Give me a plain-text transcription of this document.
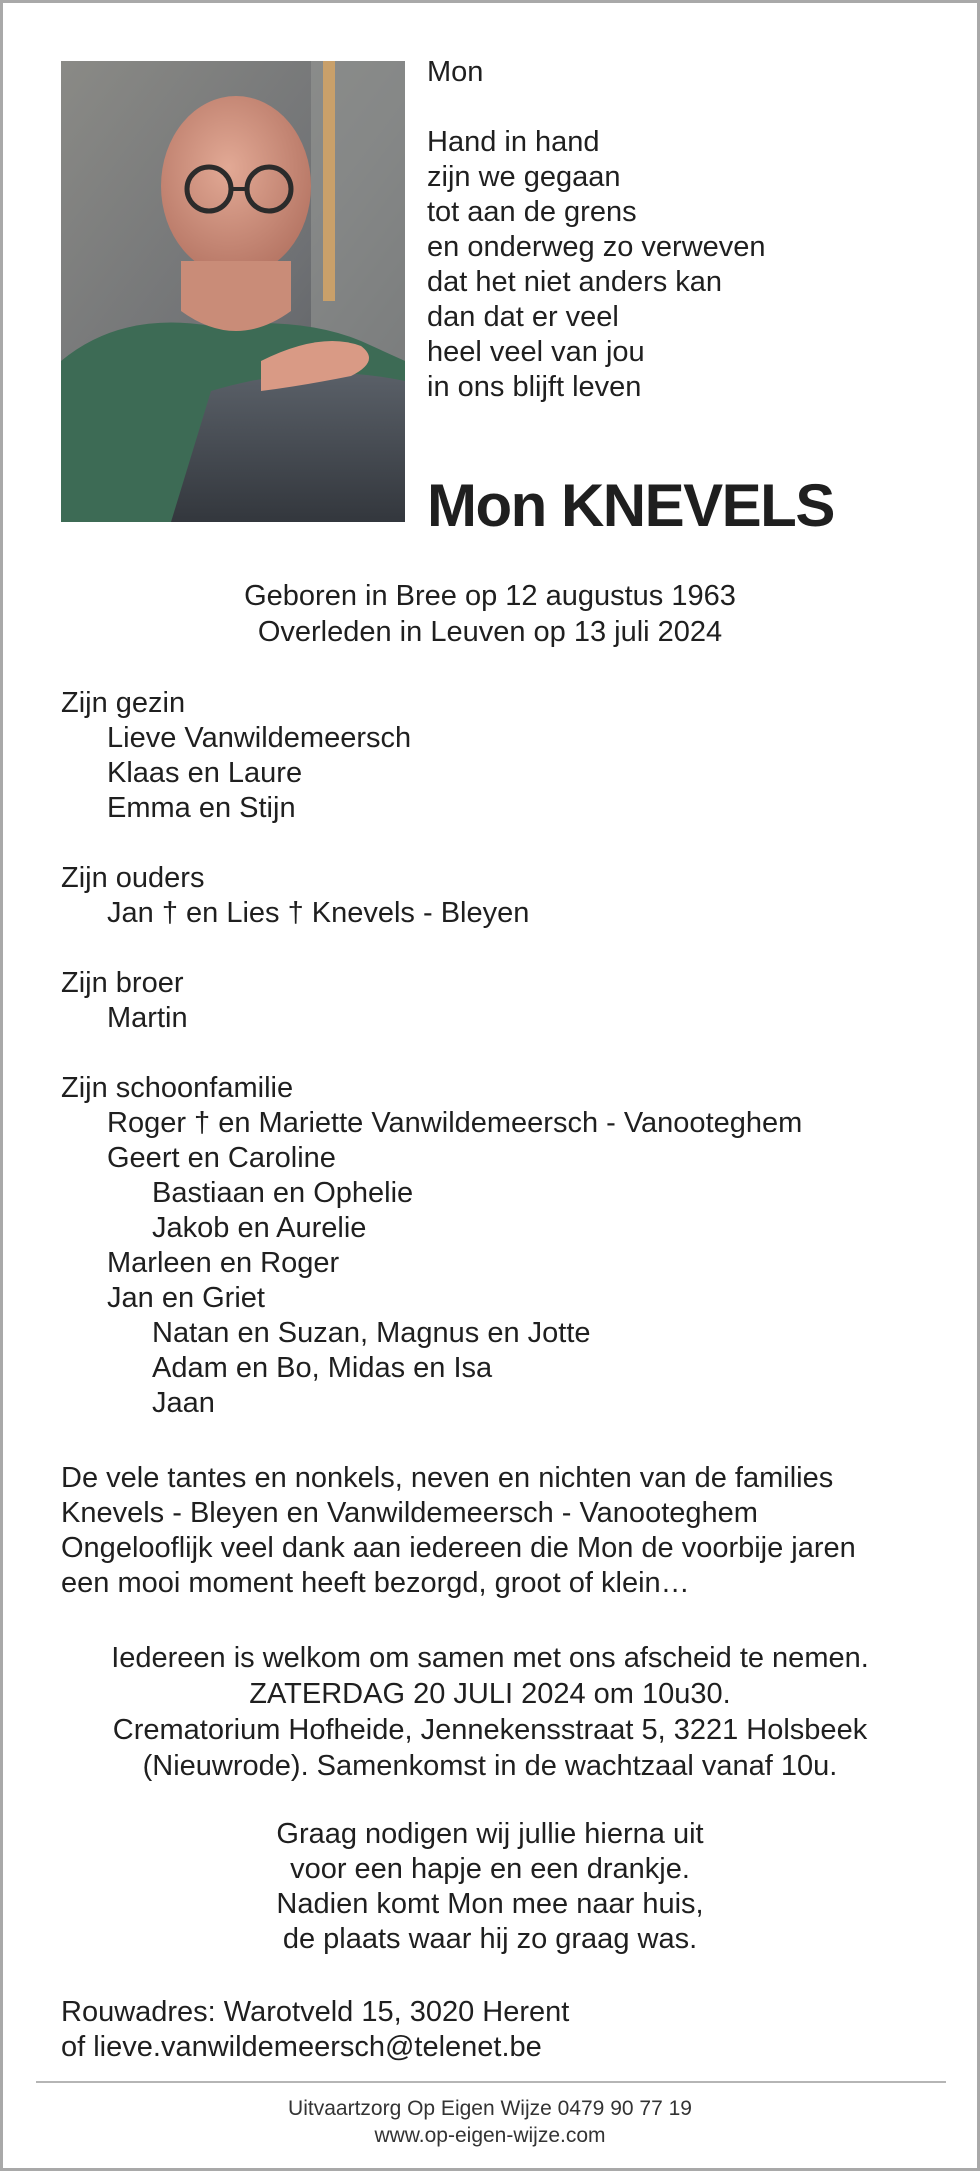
Mon
Hand in hand
zijn we gegaan
tot aan de grens
en onderweg zo verweven
dat het niet anders kan
dan dat er veel
heel veel van jou
in ons blijft leven
Mon KNEVELS
Geboren in Bree op 12 augustus 1963
Overleden in Leuven op 13 juli 2024
Zijn gezin
Lieve Vanwildemeersch
Klaas en Laure
Emma en Stijn
Zijn ouders
Jan † en Lies † Knevels - Bleyen
Zijn broer
Martin
Zijn schoonfamilie
Roger † en Mariette Vanwildemeersch - Vanooteghem
Geert en Caroline
Bastiaan en Ophelie
Jakob en Aurelie
Marleen en Roger
Jan en Griet
Natan en Suzan, Magnus en Jotte
Adam en Bo, Midas en Isa
Jaan
De vele tantes en nonkels, neven en nichten van de families
Knevels - Bleyen en Vanwildemeersch - Vanooteghem
Ongelooflijk veel dank aan iedereen die Mon de voorbije jaren
een mooi moment heeft bezorgd, groot of klein…
Iedereen is welkom om samen met ons afscheid te nemen.
ZATERDAG 20 JULI 2024 om 10u30.
Crematorium Hofheide, Jennekensstraat 5, 3221 Holsbeek
(Nieuwrode). Samenkomst in de wachtzaal vanaf 10u.
Graag nodigen wij jullie hierna uit
voor een hapje en een drankje.
Nadien komt Mon mee naar huis,
de plaats waar hij zo graag was.
Rouwadres: Warotveld 15, 3020 Herent
of lieve.vanwildemeersch@telenet.be
Uitvaartzorg Op Eigen Wijze 0479 90 77 19
www.op-eigen-wijze.com
